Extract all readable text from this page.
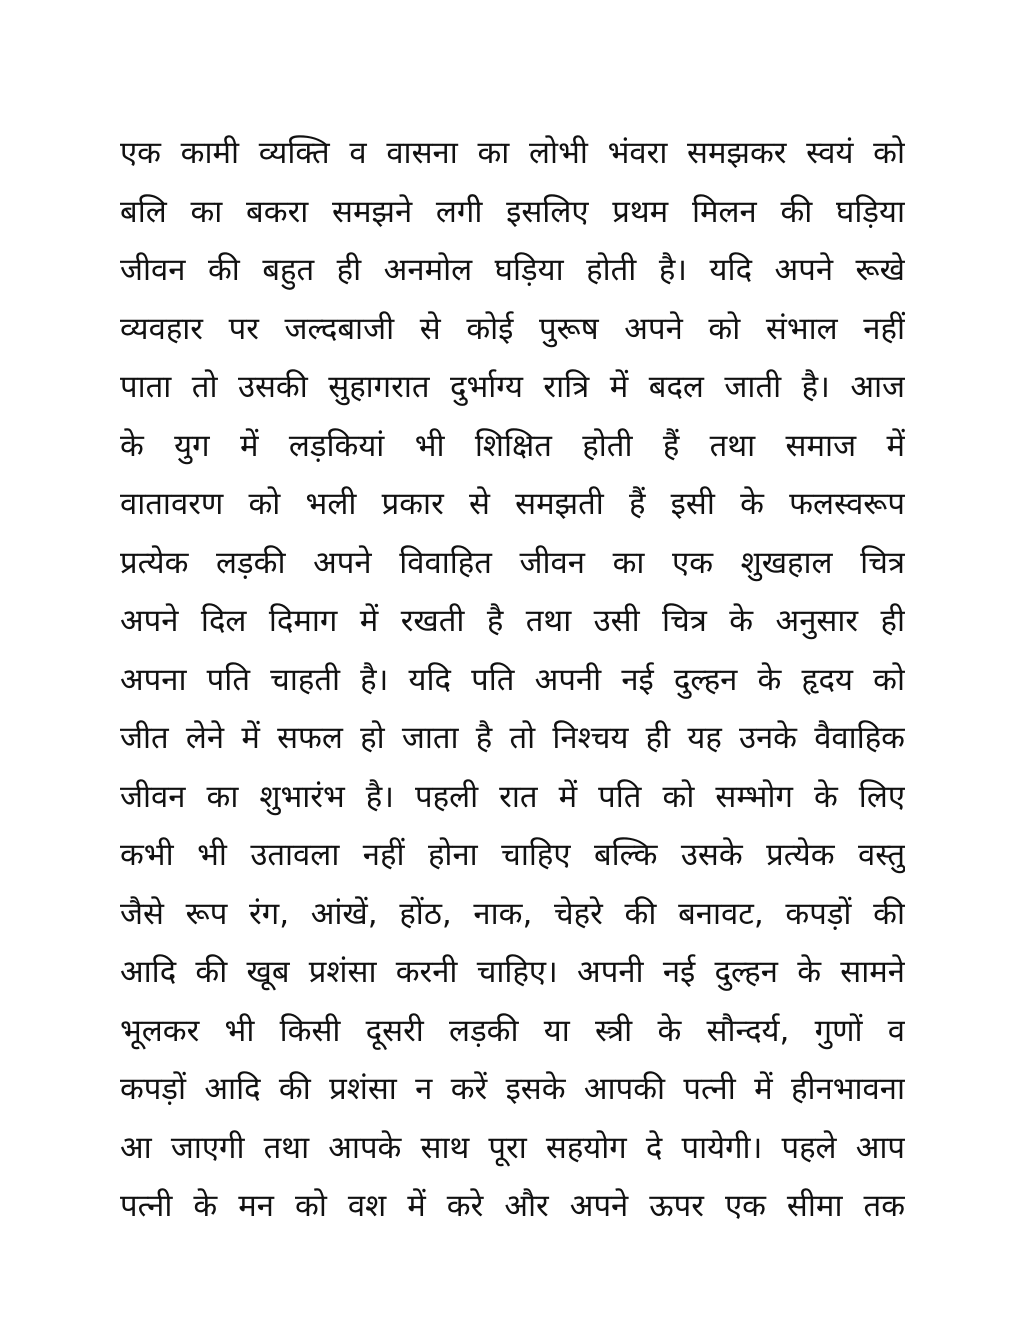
एक कामी व्यक्ति व वासना का लोभी भंवरा समझकर स्वयं को
बलि का बकरा समझने लगीे इसलिए प्रथम मिलन की घड़िया
जीवन की बहुत ही अनमोल घड़िया होती है। यदि अपने रूखे
व्यवहार पर जल्दबाजी से कोई पुरूष अपने को संभाल नहीं
पाता तो उसकी सुहागरात दुर्भाग्य रात्रि में बदल जाती है। आज
के युग में लड़कियां भी शिक्षित होती हैं तथा समाज में
वातावरण को भली प्रकार से समझती हैं इसी के फलस्वरूप
प्रत्येक लड़की अपने विवाहित जीवन का एक शुखहाल चित्र
अपने दिल दिमाग में रखती है तथा उसी चित्र के अनुसार ही
अपना पति चाहती है। यदि पति अपनी नई दुल्हन के हृदय को
जीत लेने में सफल हो जाता है तो निश्चय ही यह उनके वैवाहिक
जीवन का शुभारंभ है। पहली रात में पति को सम्भोग के लिए
कभी भी उतावला नहीं होना चाहिए बल्कि उसके प्रत्येक वस्तु
जैसे रूप रंग, आंखें, होंठ, नाक, चेहरे की बनावट, कपड़ों की
आदि की खूब प्रशंसा करनी चाहिए। अपनी नई दुल्हन के सामने
भूलकर भी किसी दूसरी लड़की या स्त्री के सौन्दर्य, गुणों व
कपड़ों आदि की प्रशंसा न करें इसके आपकी पत्नी में हीनभावना
आ जाएगी तथा आपके साथ पूरा सहयोग दे पायेगी। पहले आप
पत्नी के मन को वश में करे और अपने ऊपर एक सीमा तक
